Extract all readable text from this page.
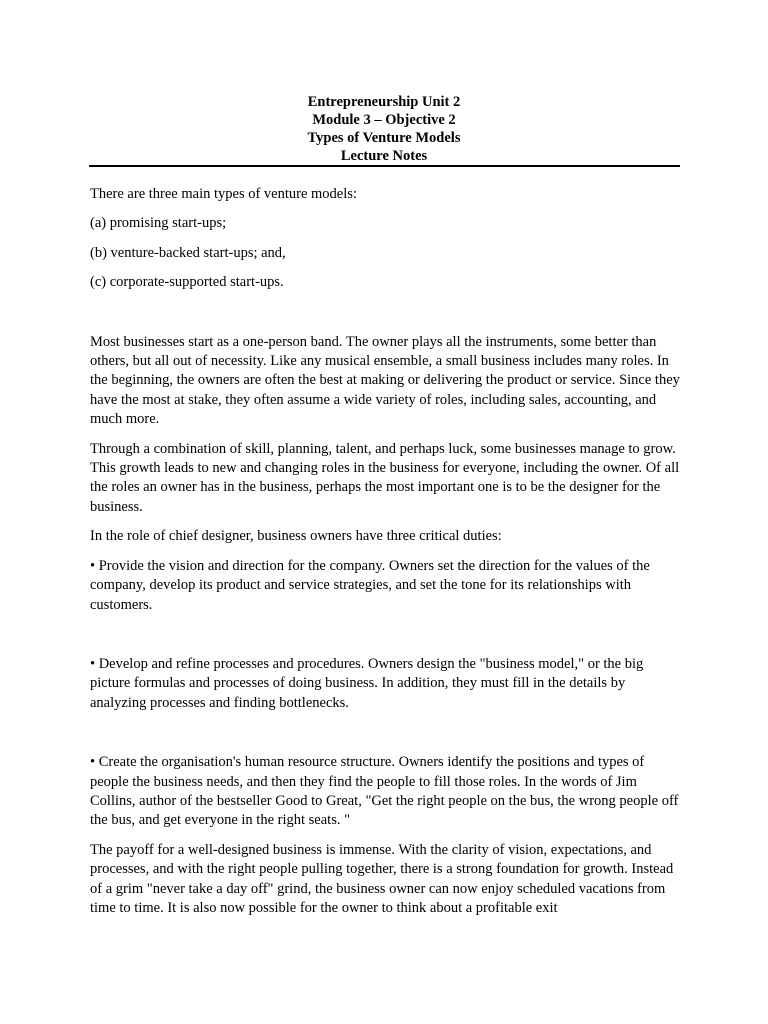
Entrepreneurship Unit 2
Module 3 – Objective 2
Types of Venture Models
Lecture Notes

There are three main types of venture models:

(a) promising start-ups;

(b) venture-backed start-ups; and,

(c) corporate-supported start-ups.

Most businesses start as a one-person band. The owner plays all the instruments, some better than others, but all out of necessity. Like any musical ensemble, a small business includes many roles. In the beginning, the owners are often the best at making or delivering the product or service. Since they have the most at stake, they often assume a wide variety of roles, including sales, accounting, and much more.

Through a combination of skill, planning, talent, and perhaps luck, some businesses manage to grow. This growth leads to new and changing roles in the business for everyone, including the owner. Of all the roles an owner has in the business, perhaps the most important one is to be the designer for the business.

In the role of chief designer, business owners have three critical duties:

• Provide the vision and direction for the company. Owners set the direction for the values of the company, develop its product and service strategies, and set the tone for its relationships with customers.

• Develop and refine processes and procedures. Owners design the "business model," or the big picture formulas and processes of doing business. In addition, they must fill in the details by analyzing processes and finding bottlenecks.

• Create the organisation's human resource structure. Owners identify the positions and types of people the business needs, and then they find the people to fill those roles. In the words of Jim Collins, author of the bestseller Good to Great, "Get the right people on the bus, the wrong people off the bus, and get everyone in the right seats. "

The payoff for a well-designed business is immense. With the clarity of vision, expectations, and processes, and with the right people pulling together, there is a strong foundation for growth. Instead of a grim "never take a day off" grind, the business owner can now enjoy scheduled vacations from time to time. It is also now possible for the owner to think about a profitable exit
